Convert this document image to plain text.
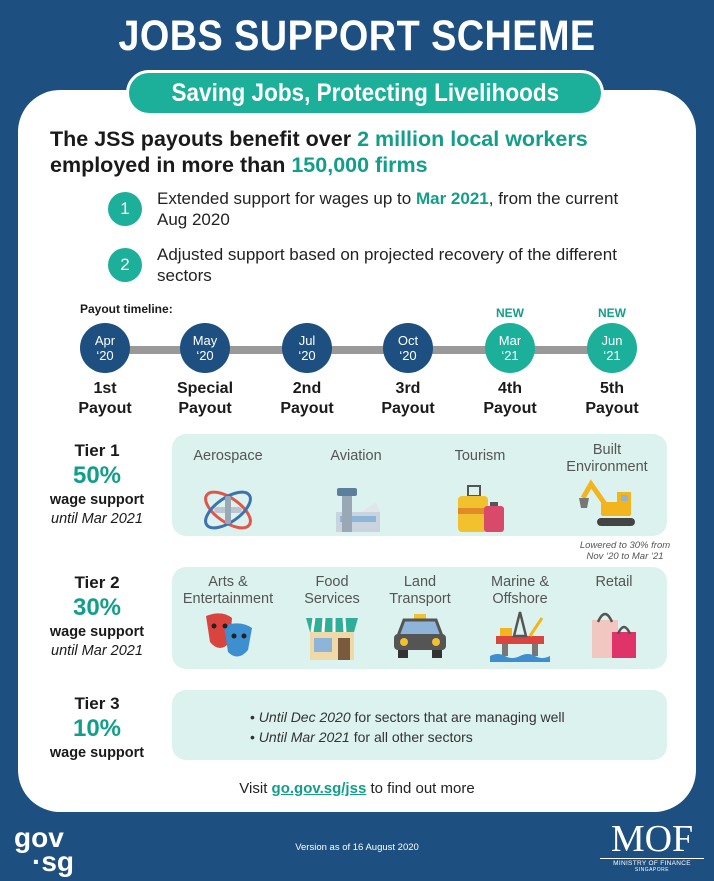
JOBS SUPPORT SCHEME
Saving Jobs, Protecting Livelihoods
The JSS payouts benefit over 2 million local workers
employed in more than 150,000 firms
1
Extended support for wages up to Mar 2021, from the current Aug 2020
2
Adjusted support based on projected recovery of the different sectors
Payout timeline:	NEW	NEW
Apr
‘20
1st
Payout
May
‘20
Special
Payout
Jul
‘20
2nd
Payout
Oct
‘20
3rd
Payout
Mar
‘21
4th
Payout
Jun
‘21
5th
Payout
Tier 1
50%
wage support
until Mar 2021
Aerospace	Aviation	Tourism	Built
Environment
Lowered to 30% from
Nov ‘20 to Mar ‘21
Tier 2
30%
wage support
until Mar 2021
Arts &
Entertainment
Food
Services
Land
Transport
Marine &
Offshore
Retail

Tier 3
10%
wage support
• Until Dec 2020 for sectors that are managing well
• Until Mar 2021 for all other sectors
Visit go.gov.sg/jss to find out more
gov
·sg	Version as of 16 August 2020	MOF
MINISTRY OF FINANCE
SINGAPORE
